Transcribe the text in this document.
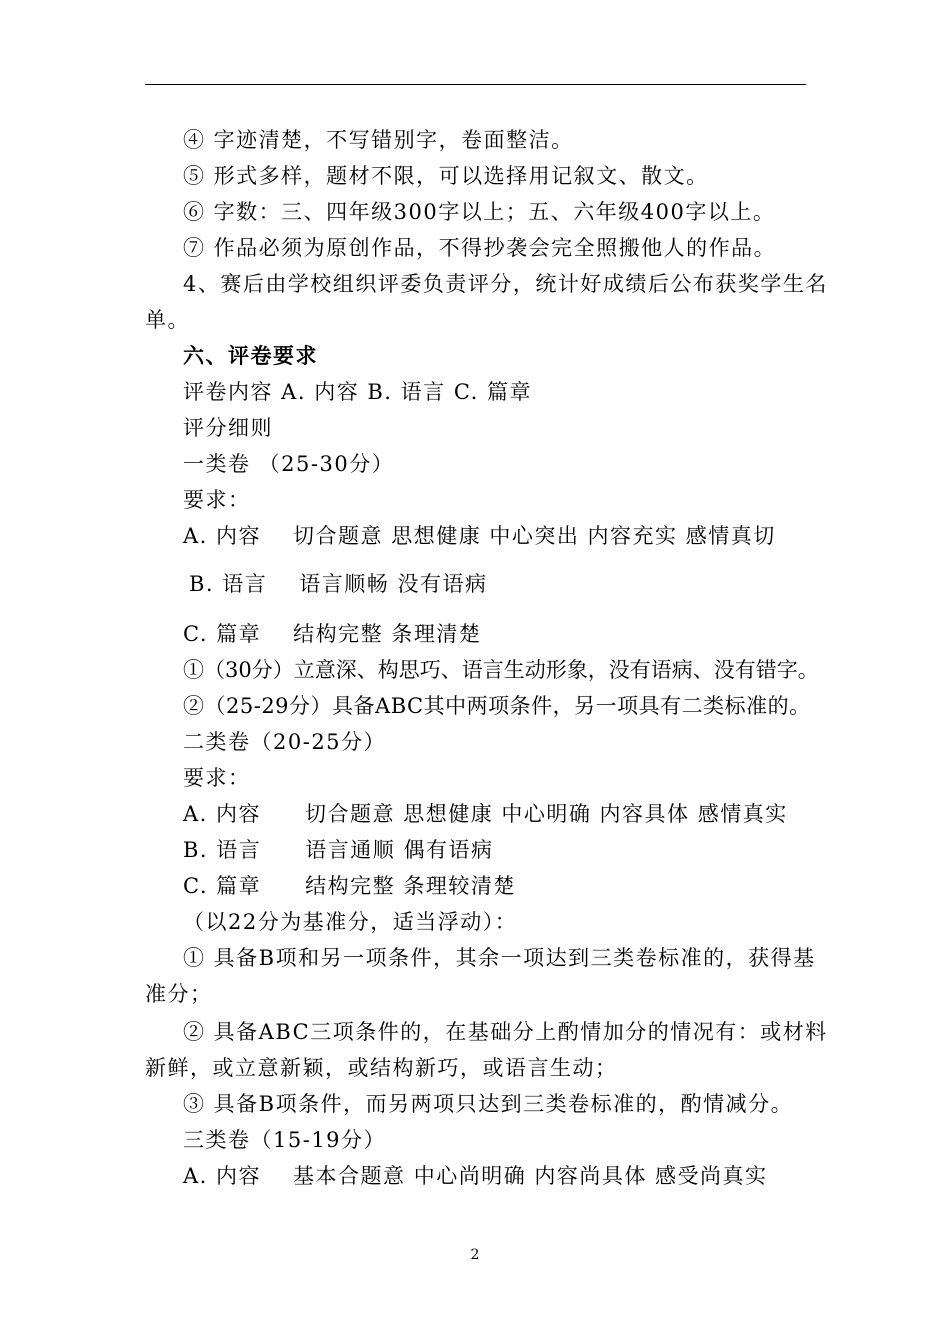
④ 字迹清楚，不写错别字，卷面整洁。
⑤ 形式多样，题材不限，可以选择用记叙文、散文。
⑥ 字数：三、四年级300字以上；五、六年级400字以上。
⑦ 作品必须为原创作品，不得抄袭会完全照搬他人的作品。
4、赛后由学校组织评委负责评分，统计好成绩后公布获奖学生名
单。
六、评卷要求
评卷内容 A. 内容 B. 语言 C. 篇章
评分细则
一类卷 （25-30分）
要求：
A. 内容 切合题意 思想健康 中心突出 内容充实 感情真切
B. 语言 语言顺畅 没有语病
C. 篇章 结构完整 条理清楚
①（30分）立意深、构思巧、语言生动形象，没有语病、没有错字。
②（25-29分）具备ABC其中两项条件，另一项具有二类标准的。
二类卷（20-25分）
要求：
A. 内容 切合题意 思想健康 中心明确 内容具体 感情真实
B. 语言 语言通顺 偶有语病
C. 篇章 结构完整 条理较清楚
（以22分为基准分，适当浮动）：
① 具备B项和另一项条件，其余一项达到三类卷标准的，获得基
准分；
② 具备ABC三项条件的，在基础分上酌情加分的情况有：或材料
新鲜，或立意新颖，或结构新巧，或语言生动；
③ 具备B项条件，而另两项只达到三类卷标准的，酌情减分。
三类卷（15-19分）
A. 内容 基本合题意 中心尚明确 内容尚具体 感受尚真实
2
